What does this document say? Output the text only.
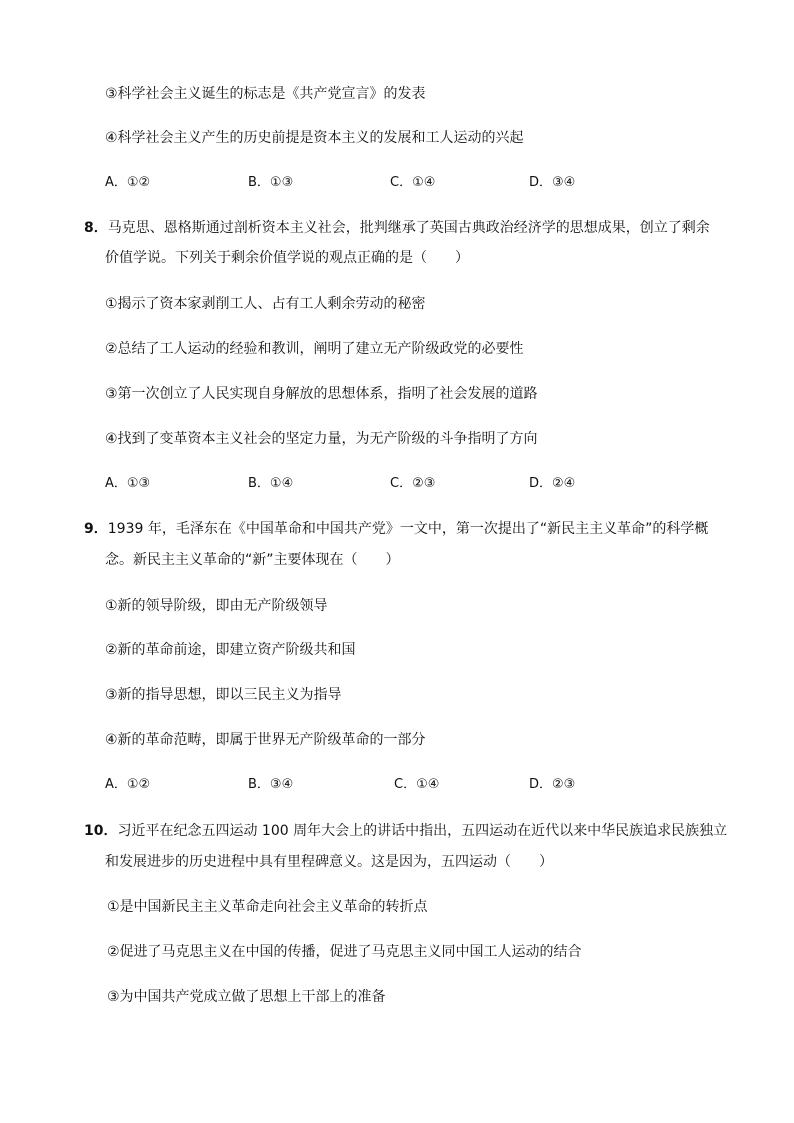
③科学社会主义诞生的标志是《共产党宣言》的发表
④科学社会主义产生的历史前提是资本主义的发展和工人运动的兴起
A．①②	B．①③	C．①④	D．③④
8．马克思、恩格斯通过剖析资本主义社会，批判继承了英国古典政治经济学的思想成果，创立了剩余
价值学说。下列关于剩余价值学说的观点正确的是（　　）
①揭示了资本家剥削工人、占有工人剩余劳动的秘密
②总结了工人运动的经验和教训，阐明了建立无产阶级政党的必要性
③第一次创立了人民实现自身解放的思想体系，指明了社会发展的道路
④找到了变革资本主义社会的坚定力量，为无产阶级的斗争指明了方向
A．①③	B．①④	C．②③	D．②④
9．1939 年，毛泽东在《中国革命和中国共产党》一文中，第一次提出了“新民主主义革命”的科学概
念。新民主主义革命的“新”主要体现在（　　）
①新的领导阶级，即由无产阶级领导
②新的革命前途，即建立资产阶级共和国
③新的指导思想，即以三民主义为指导
④新的革命范畴，即属于世界无产阶级革命的一部分
A．①②	B．③④	C．①④	D．②③
10．习近平在纪念五四运动 100 周年大会上的讲话中指出，五四运动在近代以来中华民族追求民族独立
和发展进步的历史进程中具有里程碑意义。这是因为，五四运动（　　）
①是中国新民主主义革命走向社会主义革命的转折点
②促进了马克思主义在中国的传播，促进了马克思主义同中国工人运动的结合
③为中国共产党成立做了思想上干部上的准备
